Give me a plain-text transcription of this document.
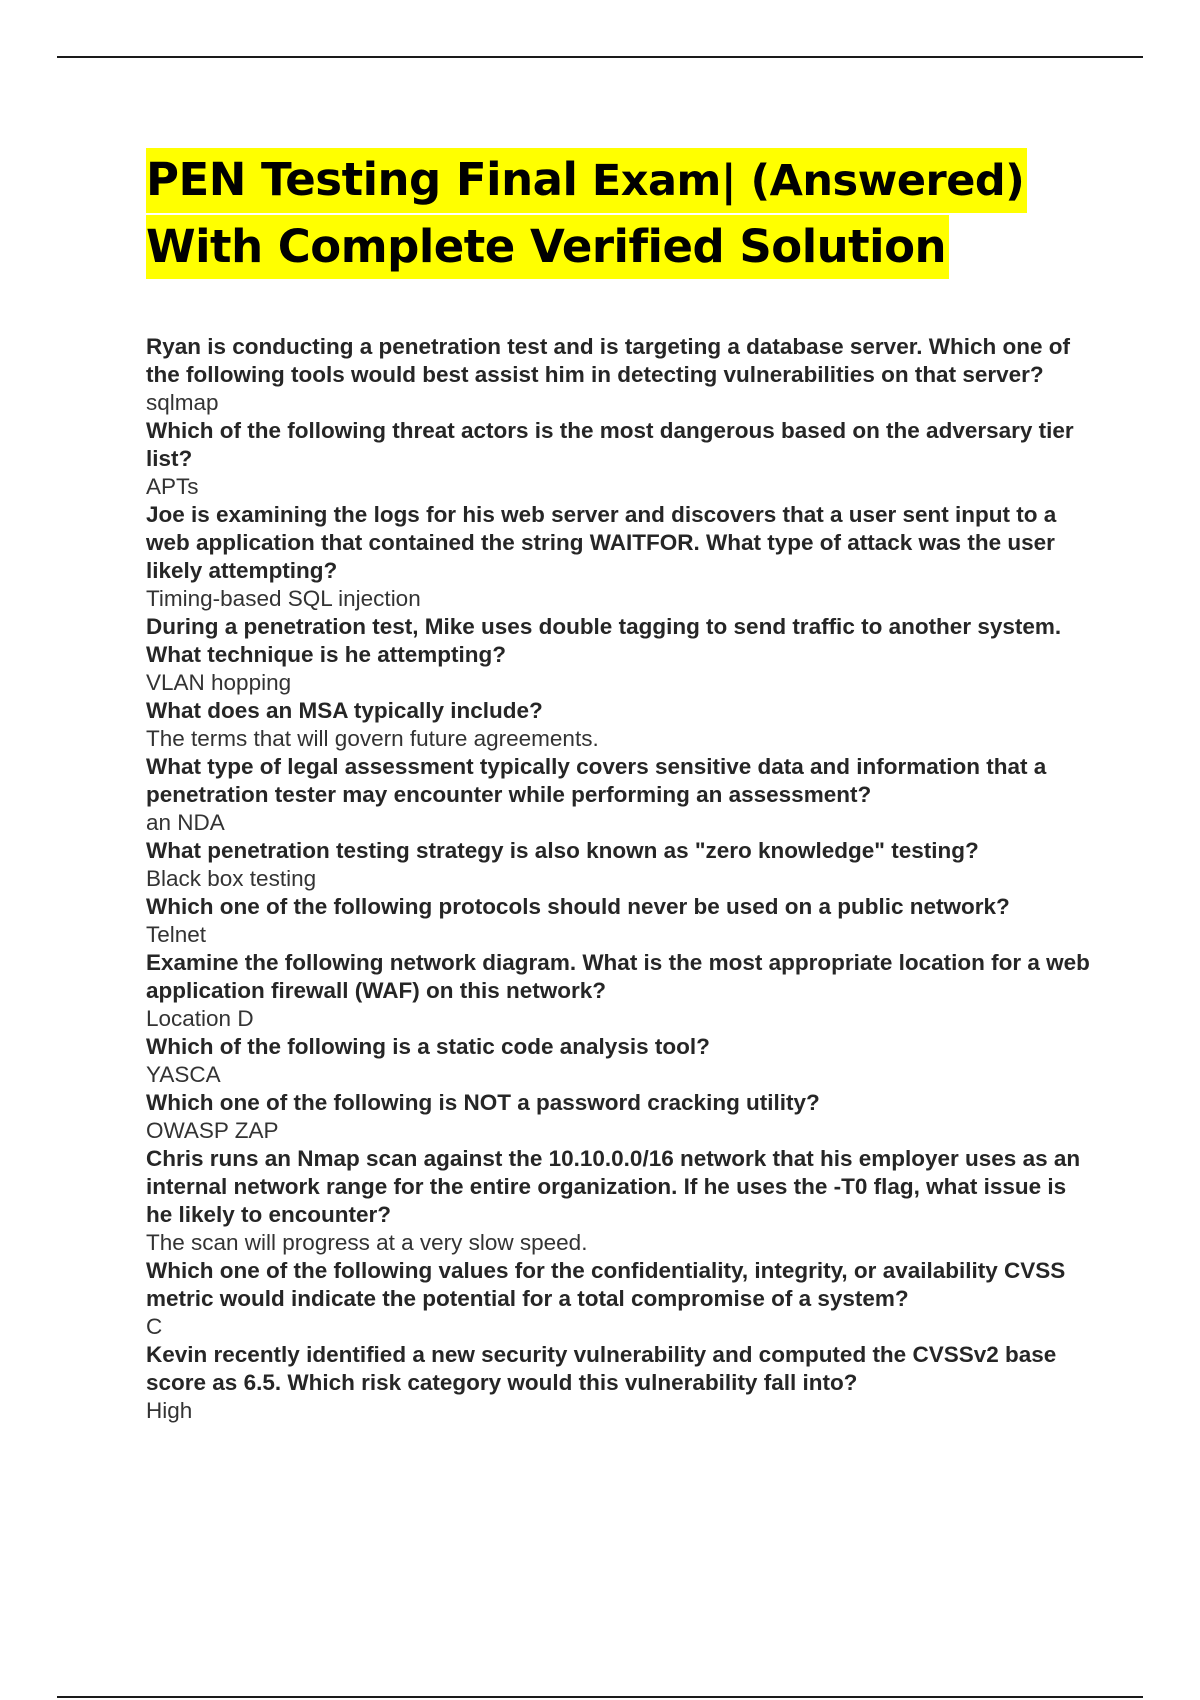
PEN Testing Final Exam| (Answered)
With Complete Verified Solution
Ryan is conducting a penetration test and is targeting a database server. Which one of the following tools would best assist him in detecting vulnerabilities on that server?
sqlmap
Which of the following threat actors is the most dangerous based on the adversary tier list?
APTs
Joe is examining the logs for his web server and discovers that a user sent input to a web application that contained the string WAITFOR. What type of attack was the user likely attempting?
Timing-based SQL injection
During a penetration test, Mike uses double tagging to send traffic to another system. What technique is he attempting?
VLAN hopping
What does an MSA typically include?
The terms that will govern future agreements.
What type of legal assessment typically covers sensitive data and information that a penetration tester may encounter while performing an assessment?
an NDA
What penetration testing strategy is also known as "zero knowledge" testing?
Black box testing
Which one of the following protocols should never be used on a public network?
Telnet
Examine the following network diagram. What is the most appropriate location for a web application firewall (WAF) on this network?
Location D
Which of the following is a static code analysis tool?
YASCA
Which one of the following is NOT a password cracking utility?
OWASP ZAP
Chris runs an Nmap scan against the 10.10.0.0/16 network that his employer uses as an internal network range for the entire organization. If he uses the -T0 flag, what issue is he likely to encounter?
The scan will progress at a very slow speed.
Which one of the following values for the confidentiality, integrity, or availability CVSS metric would indicate the potential for a total compromise of a system?
C
Kevin recently identified a new security vulnerability and computed the CVSSv2 base score as 6.5. Which risk category would this vulnerability fall into?
High
